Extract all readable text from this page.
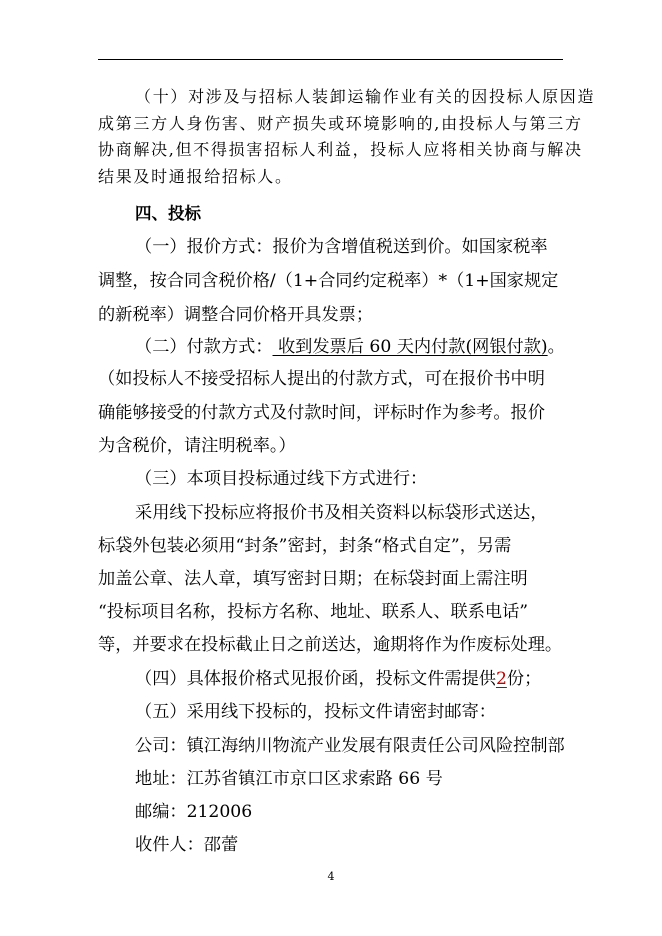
（十）对涉及与招标人装卸运输作业有关的因投标人原因造
成第三方人身伤害、财产损失或环境影响的,由投标人与第三方
协商解决,但不得损害招标人利益，投标人应将相关协商与解决
结果及时通报给招标人。
四、投标
（一）报价方式：报价为含增值税送到价。如国家税率
调整，按合同含税价格/（1+合同约定税率）*（1+国家规定
的新税率）调整合同价格开具发票；
（二）付款方式： 收到发票后 60 天内付款(网银付款)。
（如投标人不接受招标人提出的付款方式，可在报价书中明
确能够接受的付款方式及付款时间，评标时作为参考。报价
为含税价，请注明税率。）
（三）本项目投标通过线下方式进行：
采用线下投标应将报价书及相关资料以标袋形式送达，
标袋外包装必须用“封条”密封，封条“格式自定”，另需
加盖公章、法人章，填写密封日期；在标袋封面上需注明
“投标项目名称，投标方名称、地址、联系人、联系电话”
等，并要求在投标截止日之前送达，逾期将作为作废标处理。
（四）具体报价格式见报价函，投标文件需提供2份；
（五）采用线下投标的，投标文件请密封邮寄：
公司：镇江海纳川物流产业发展有限责任公司风险控制部
地址：江苏省镇江市京口区求索路 66 号
邮编：212006
收件人：邵蕾
4
